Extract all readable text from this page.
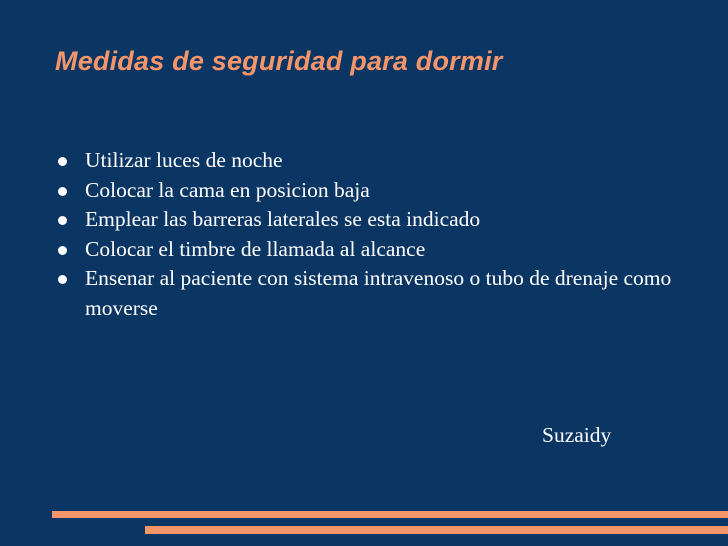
Medidas de seguridad para dormir
Utilizar luces de noche
Colocar la cama en posicion baja
Emplear las barreras laterales se esta indicado
Colocar el timbre de llamada al alcance
Ensenar al paciente con sistema intravenoso o tubo de drenaje como moverse
Suzaidy
